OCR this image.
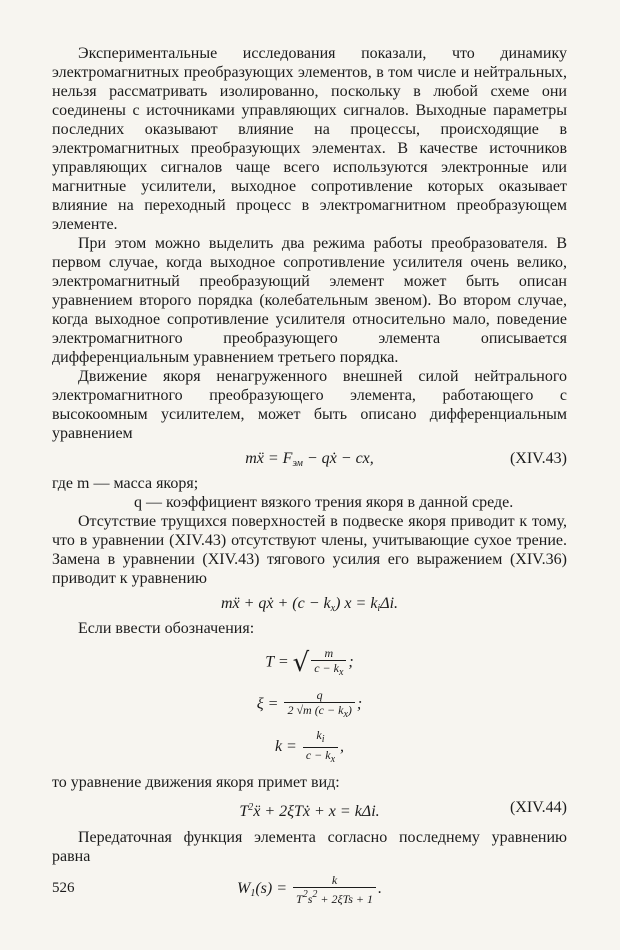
Экспериментальные исследования показали, что динамику электромагнитных преобразующих элементов, в том числе и нейтральных, нельзя рассматривать изолированно, поскольку в любой схеме они соединены с источниками управляющих сигналов. Выходные параметры последних оказывают влияние на процессы, происходящие в электромагнитных преобразующих элементах. В качестве источников управляющих сигналов чаще всего используются электронные или магнитные усилители, выходное сопротивление которых оказывает влияние на переходный процесс в электромагнитном преобразующем элементе.

При этом можно выделить два режима работы преобразователя. В первом случае, когда выходное сопротивление усилителя очень велико, электромагнитный преобразующий элемент может быть описан уравнением второго порядка (колебательным звеном). Во втором случае, когда выходное сопротивление усилителя относительно мало, поведение электромагнитного преобразующего элемента описывается дифференциальным уравнением третьего порядка.

Движение якоря ненагруженного внешней силой нейтрального электромагнитного преобразующего элемента, работающего с высокоомным усилителем, может быть описано дифференциальным уравнением

mẍ = $F_{эм}$ − qẋ − cx,	(XIV.43)

где m — масса якоря;

q — коэффициент вязкого трения якоря в данной среде.

Отсутствие трущихся поверхностей в подвеске якоря приводит к тому, что в уравнении (XIV.43) отсутствуют члены, учитывающие сухое трение. Замена в уравнении (XIV.43) тягового усилия его выражением (XIV.36) приводит к уравнению

mẍ + qẋ + $(c - k_x)$ $x = k_i\Delta i$.

Если ввести обозначения:

T = √ $\frac{m}{c - k_x}$ ;
$\xi = \frac{q}{2 √m (c - k_x)}$ ;
$k = \frac{k_i}{c - k_x}$ ,

то уравнение движения якоря примет вид:

$T^2ẍ$ + 2ξTẋ + x = kΔi.	(XIV.44)

Передаточная функция элемента согласно последнему уравнению равна

$W_1(s) = \frac{k}{T^2s^2 + 2\xi Ts + 1}$ .
526
